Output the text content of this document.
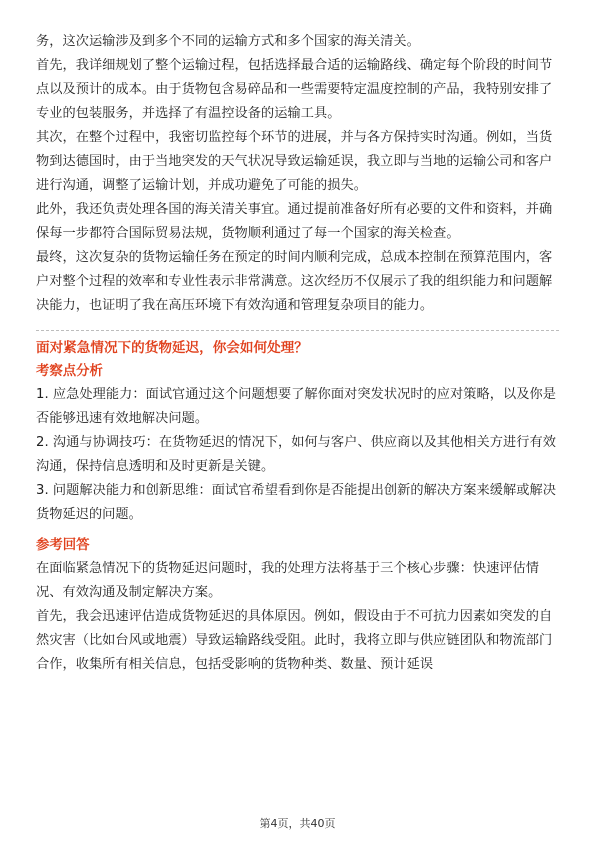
务，这次运输涉及到多个不同的运输方式和多个国家的海关清关。

首先，我详细规划了整个运输过程，包括选择最合适的运输路线、确定每个阶段的时间节点以及预计的成本。由于货物包含易碎品和一些需要特定温度控制的产品，我特别安排了专业的包装服务，并选择了有温控设备的运输工具。

其次，在整个过程中，我密切监控每个环节的进展，并与各方保持实时沟通。例如，当货物到达德国时，由于当地突发的天气状况导致运输延误，我立即与当地的运输公司和客户进行沟通，调整了运输计划，并成功避免了可能的损失。

此外，我还负责处理各国的海关清关事宜。通过提前准备好所有必要的文件和资料，并确保每一步都符合国际贸易法规，货物顺利通过了每一个国家的海关检查。

最终，这次复杂的货物运输任务在预定的时间内顺利完成，总成本控制在预算范围内，客户对整个过程的效率和专业性表示非常满意。这次经历不仅展示了我的组织能力和问题解决能力，也证明了我在高压环境下有效沟通和管理复杂项目的能力。

面对紧急情况下的货物延迟，你会如何处理？
考察点分析

1. 应急处理能力：面试官通过这个问题想要了解你面对突发状况时的应对策略，以及你是否能够迅速有效地解决问题。

2. 沟通与协调技巧：在货物延迟的情况下，如何与客户、供应商以及其他相关方进行有效沟通，保持信息透明和及时更新是关键。

3. 问题解决能力和创新思维：面试官希望看到你是否能提出创新的解决方案来缓解或解决货物延迟的问题。

参考回答

在面临紧急情况下的货物延迟问题时，我的处理方法将基于三个核心步骤：快速评估情况、有效沟通及制定解决方案。

首先，我会迅速评估造成货物延迟的具体原因。例如，假设由于不可抗力因素如突发的自然灾害（比如台风或地震）导致运输路线受阻。此时，我将立即与供应链团队和物流部门合作，收集所有相关信息，包括受影响的货物种类、数量、预计延误

第4页，共40页
